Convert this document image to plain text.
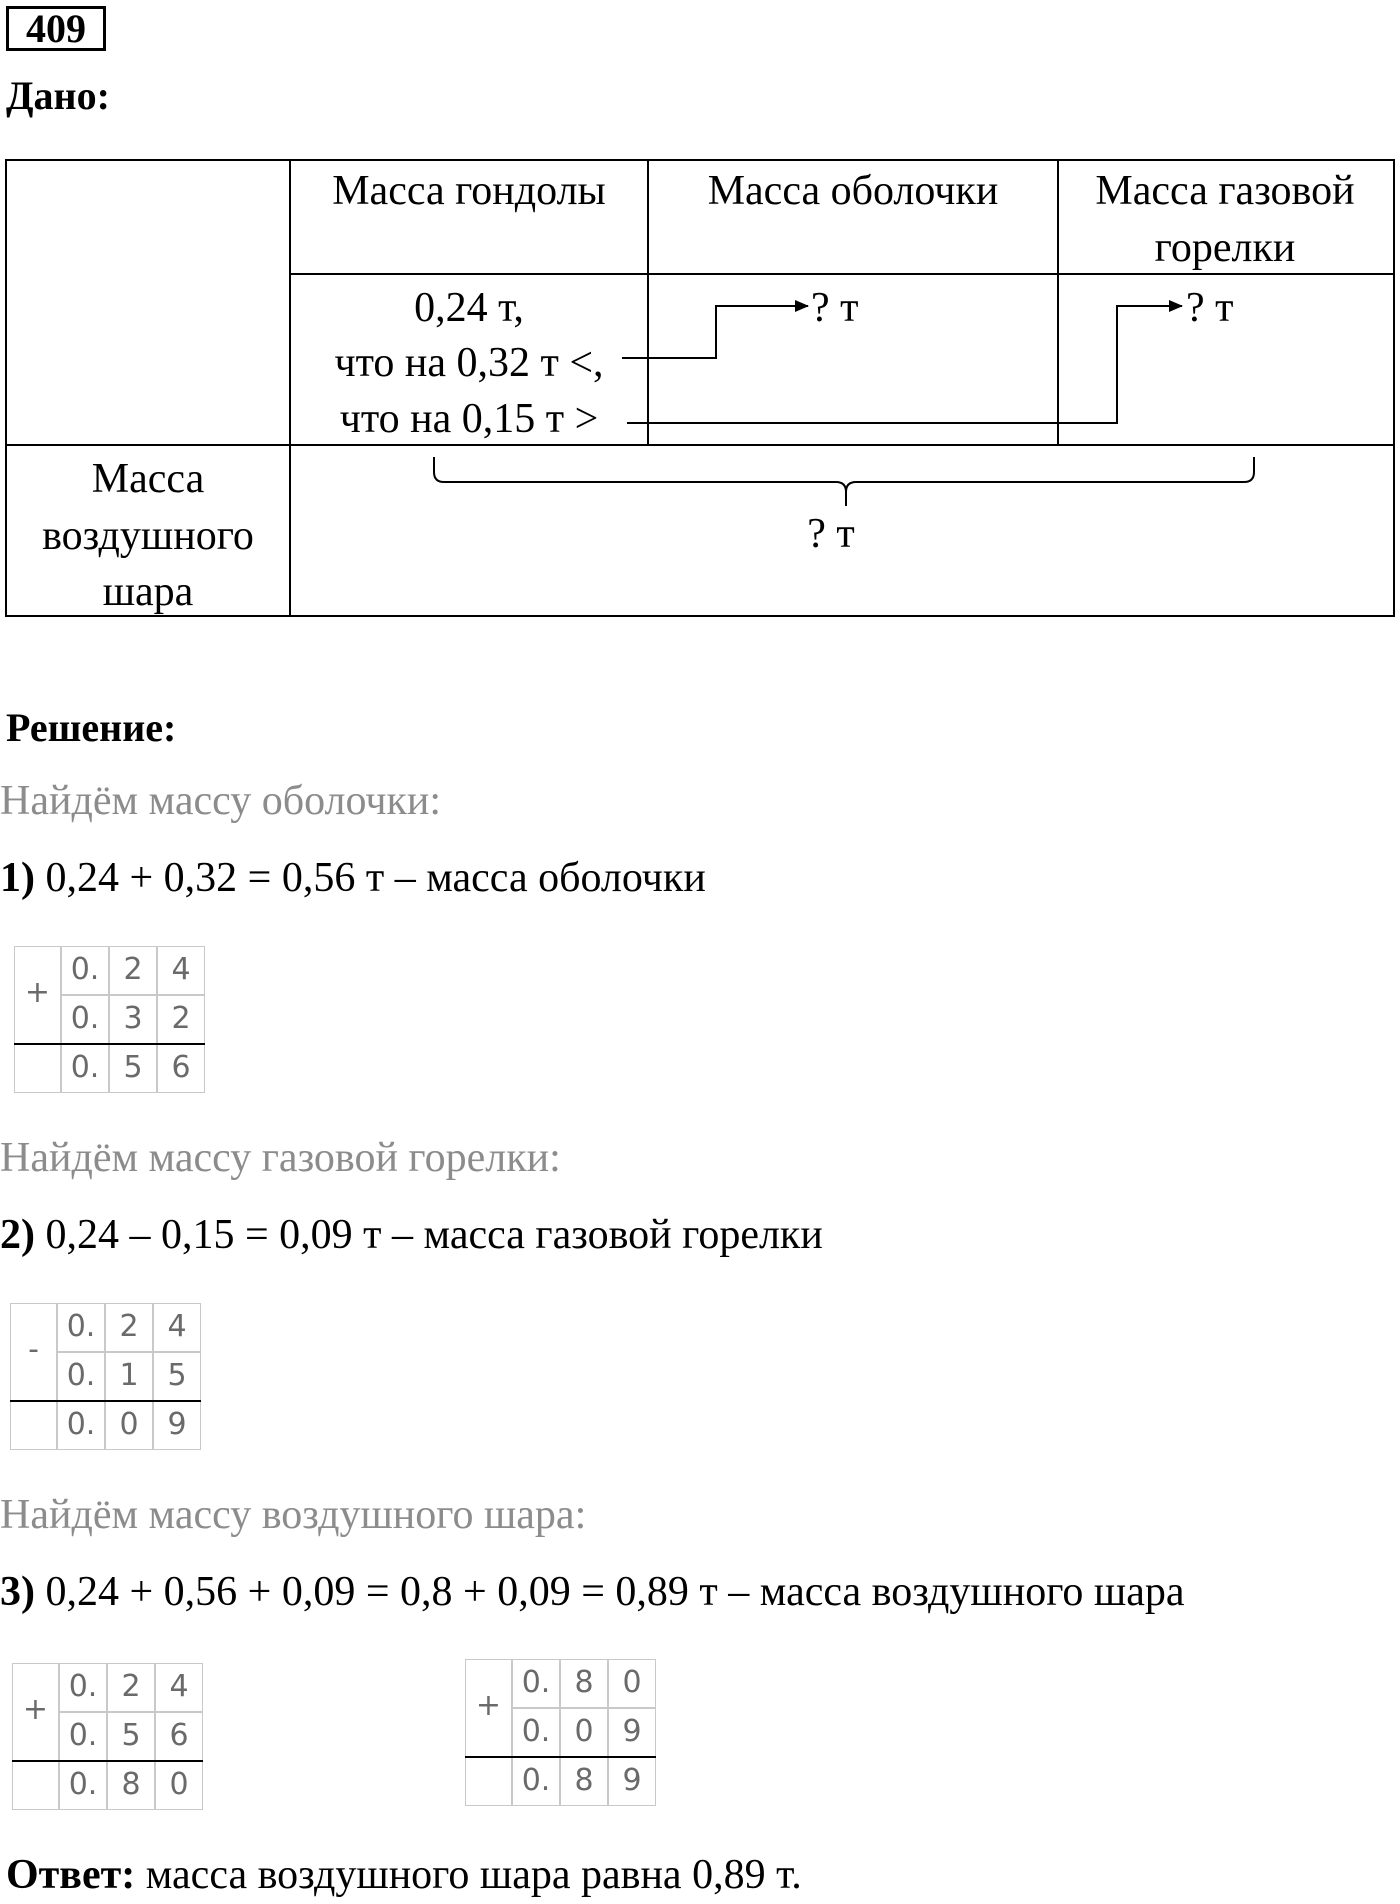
409
Дано:
Масса гондолы Масса оболочки Масса газовой
горелки
0,24 т,
что на 0,32 т <,
что на 0,15 т >
? т	? т
Масса
воздушного
шара
? т
Решение:
Найдём массу оболочки:
1) 0,24 + 0,32 = 0,56 т – масса оболочки
+
0. 2 4
0. 3 2
0. 5 6
Найдём массу газовой горелки:
2) 0,24 – 0,15 = 0,09 т – масса газовой горелки
-
0. 2 4
0. 1 5
0. 0 9
Найдём массу воздушного шара:
3) 0,24 + 0,56 + 0,09 = 0,8 + 0,09 = 0,89 т – масса воздушного шара
+
0. 2 4
0. 5 6
0. 8 0
+
0. 8 0
0. 0 9
0. 8 9
Ответ: масса воздушного шара равна 0,89 т.
